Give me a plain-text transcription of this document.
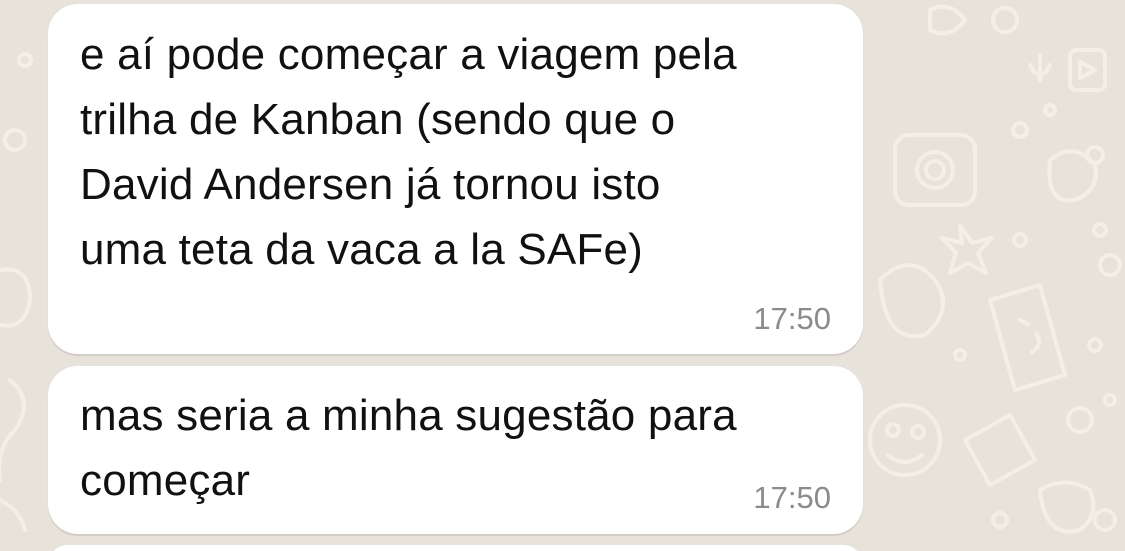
e aí pode começar a viagem pela
trilha de Kanban (sendo que o
David Andersen já tornou isto
uma teta da vaca a la SAFe)

17:50

mas seria a minha sugestão para
começar	17:50
